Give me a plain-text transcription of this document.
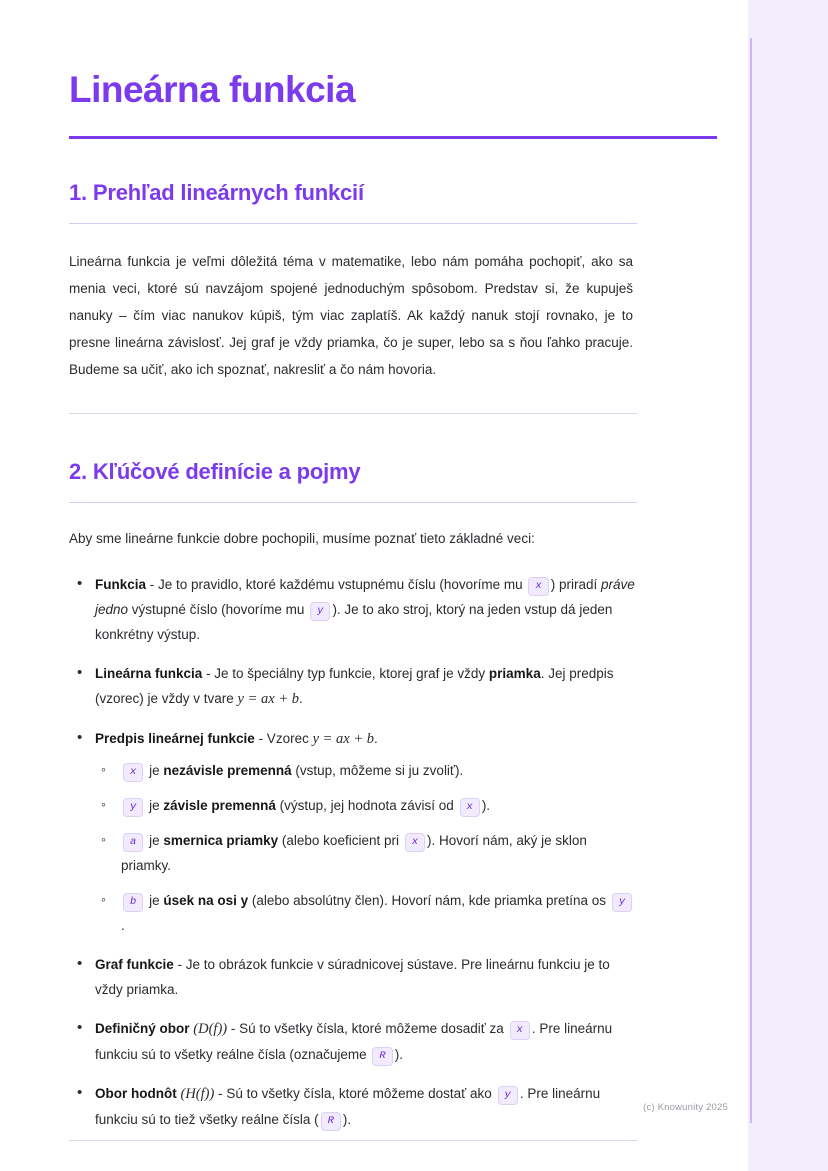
Lineárna funkcia
1. Prehľad lineárnych funkcií

Lineárna funkcia je veľmi dôležitá téma v matematike, lebo nám pomáha pochopiť, ako sa menia veci, ktoré sú navzájom spojené jednoduchým spôsobom. Predstav si, že kupuješ nanuky – čím viac nanukov kúpiš, tým viac zaplatíš. Ak každý nanuk stojí rovnako, je to presne lineárna závislosť. Jej graf je vždy priamka, čo je super, lebo sa s ňou ľahko pracuje. Budeme sa učiť, ako ich spoznať, nakresliť a čo nám hovoria.

2. Kľúčové definície a pojmy

Aby sme lineárne funkcie dobre pochopili, musíme poznať tieto základné veci:

• Funkcia - Je to pravidlo, ktoré každému vstupnému číslu (hovoríme mu x ) priradí práve jedno výstupné číslo (hovoríme mu y ). Je to ako stroj, ktorý na jeden vstup dá jeden konkrétny výstup.
• Lineárna funkcia - Je to špeciálny typ funkcie, ktorej graf je vždy priamka. Jej predpis (vzorec) je vždy v tvare y = ax + b.
• Predpis lineárnej funkcie - Vzorec y = ax + b.
◦ x je nezávisle premenná (vstup, môžeme si ju zvoliť).
◦ y je závisle premenná (výstup, jej hodnota závisí od x ).
◦ a je smernica priamky (alebo koeficient pri x ). Hovorí nám, aký je sklon priamky.
◦ b je úsek na osi y (alebo absolútny člen). Hovorí nám, kde priamka pretína os y.
• Graf funkcie - Je to obrázok funkcie v súradnicovej sústave. Pre lineárnu funkciu je to vždy priamka.
• Definičný obor (D(f)) - Sú to všetky čísla, ktoré môžeme dosadiť za x . Pre lineárnu funkciu sú to všetky reálne čísla (označujeme R ).
• Obor hodnôt (H(f)) - Sú to všetky čísla, ktoré môžeme dostať ako y . Pre lineárnu funkciu sú to tiež všetky reálne čísla ( R ).
(c) Knowunity 2025
